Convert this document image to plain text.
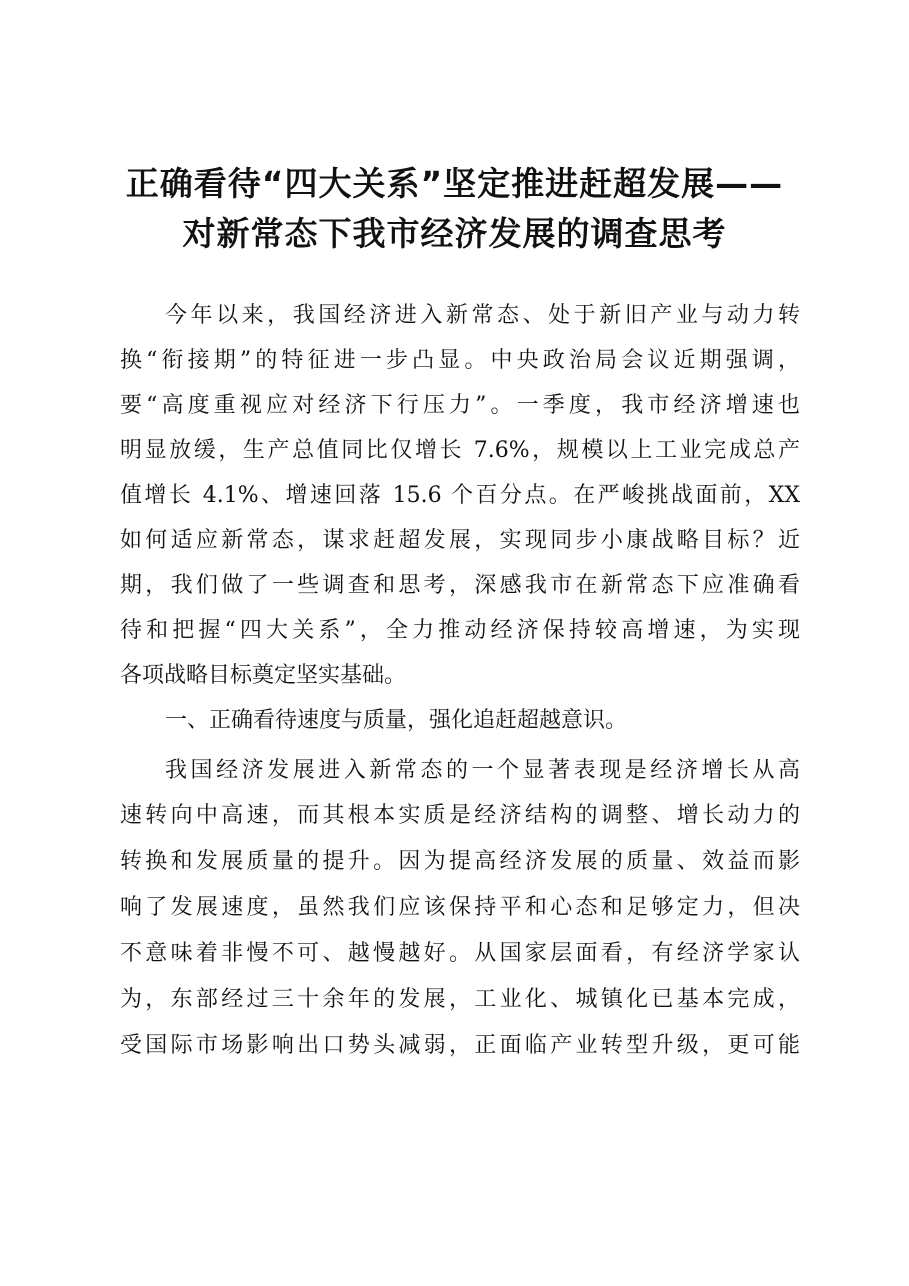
正确看待“四大关系”坚定推进赶超发展——
对新常态下我市经济发展的调查思考
今年以来，我国经济进入新常态、处于新旧产业与动力转
换“衔接期”的特征进一步凸显。中央政治局会议近期强调，
要“高度重视应对经济下行压力”。一季度，我市经济增速也
明显放缓，生产总值同比仅增长 7.6%，规模以上工业完成总产
值增长 4.1%、增速回落 15.6 个百分点。在严峻挑战面前，XX
如何适应新常态，谋求赶超发展，实现同步小康战略目标？近
期，我们做了一些调查和思考，深感我市在新常态下应准确看
待和把握“四大关系”，全力推动经济保持较高增速，为实现
各项战略目标奠定坚实基础。
一、正确看待速度与质量，强化追赶超越意识。
我国经济发展进入新常态的一个显著表现是经济增长从高
速转向中高速，而其根本实质是经济结构的调整、增长动力的
转换和发展质量的提升。因为提高经济发展的质量、效益而影
响了发展速度，虽然我们应该保持平和心态和足够定力，但决
不意味着非慢不可、越慢越好。从国家层面看，有经济学家认
为，东部经过三十余年的发展，工业化、城镇化已基本完成，
受国际市场影响出口势头减弱，正面临产业转型升级，更可能
